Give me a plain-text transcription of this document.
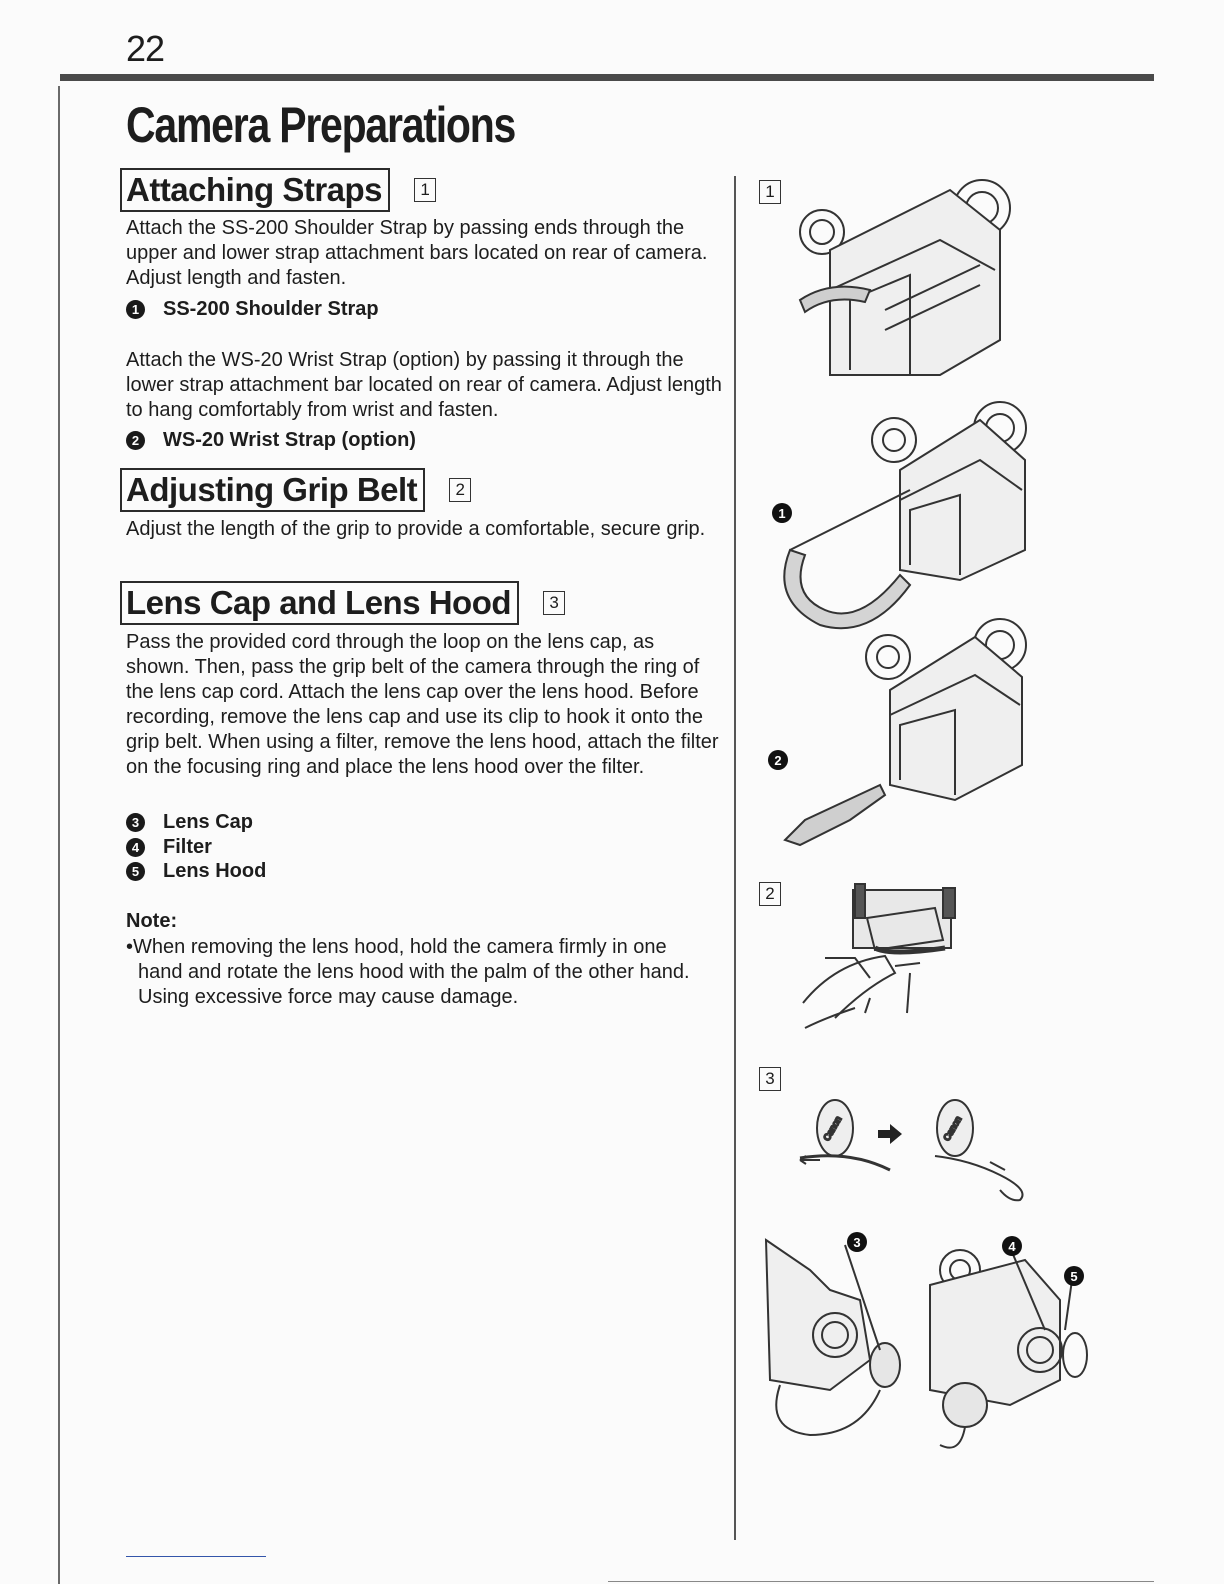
22
Camera Preparations
Attaching Straps	1
Attach the SS-200 Shoulder Strap by passing ends through the upper and lower strap attachment bars located on rear of camera. Adjust length and fasten.
1 SS-200 Shoulder Strap
Attach the WS-20 Wrist Strap (option) by passing it through the lower strap attachment bar located on rear of camera. Adjust length to hang comfortably from wrist and fasten.
2 WS-20 Wrist Strap (option)
Adjusting Grip Belt	2
Adjust the length of the grip to provide a comfortable, secure grip.
Lens Cap and Lens Hood	3
Pass the provided cord through the loop on the lens cap, as shown. Then, pass the grip belt of the camera through the ring of the lens cap cord. Attach the lens cap over the lens hood. Before recording, remove the lens cap and use its clip to hook it onto the grip belt. When using a filter, remove the lens hood, attach the filter on the focusing ring and place the lens hood over the filter.
3 Lens Cap
4 Filter
5 Lens Hood
Note:
•When removing the lens hood, hold the camera firmly in one hand and rotate the lens hood with the palm of the other hand. Using excessive force may cause damage.
1
1
2
2
3
Canon	Canon
3	4
5
